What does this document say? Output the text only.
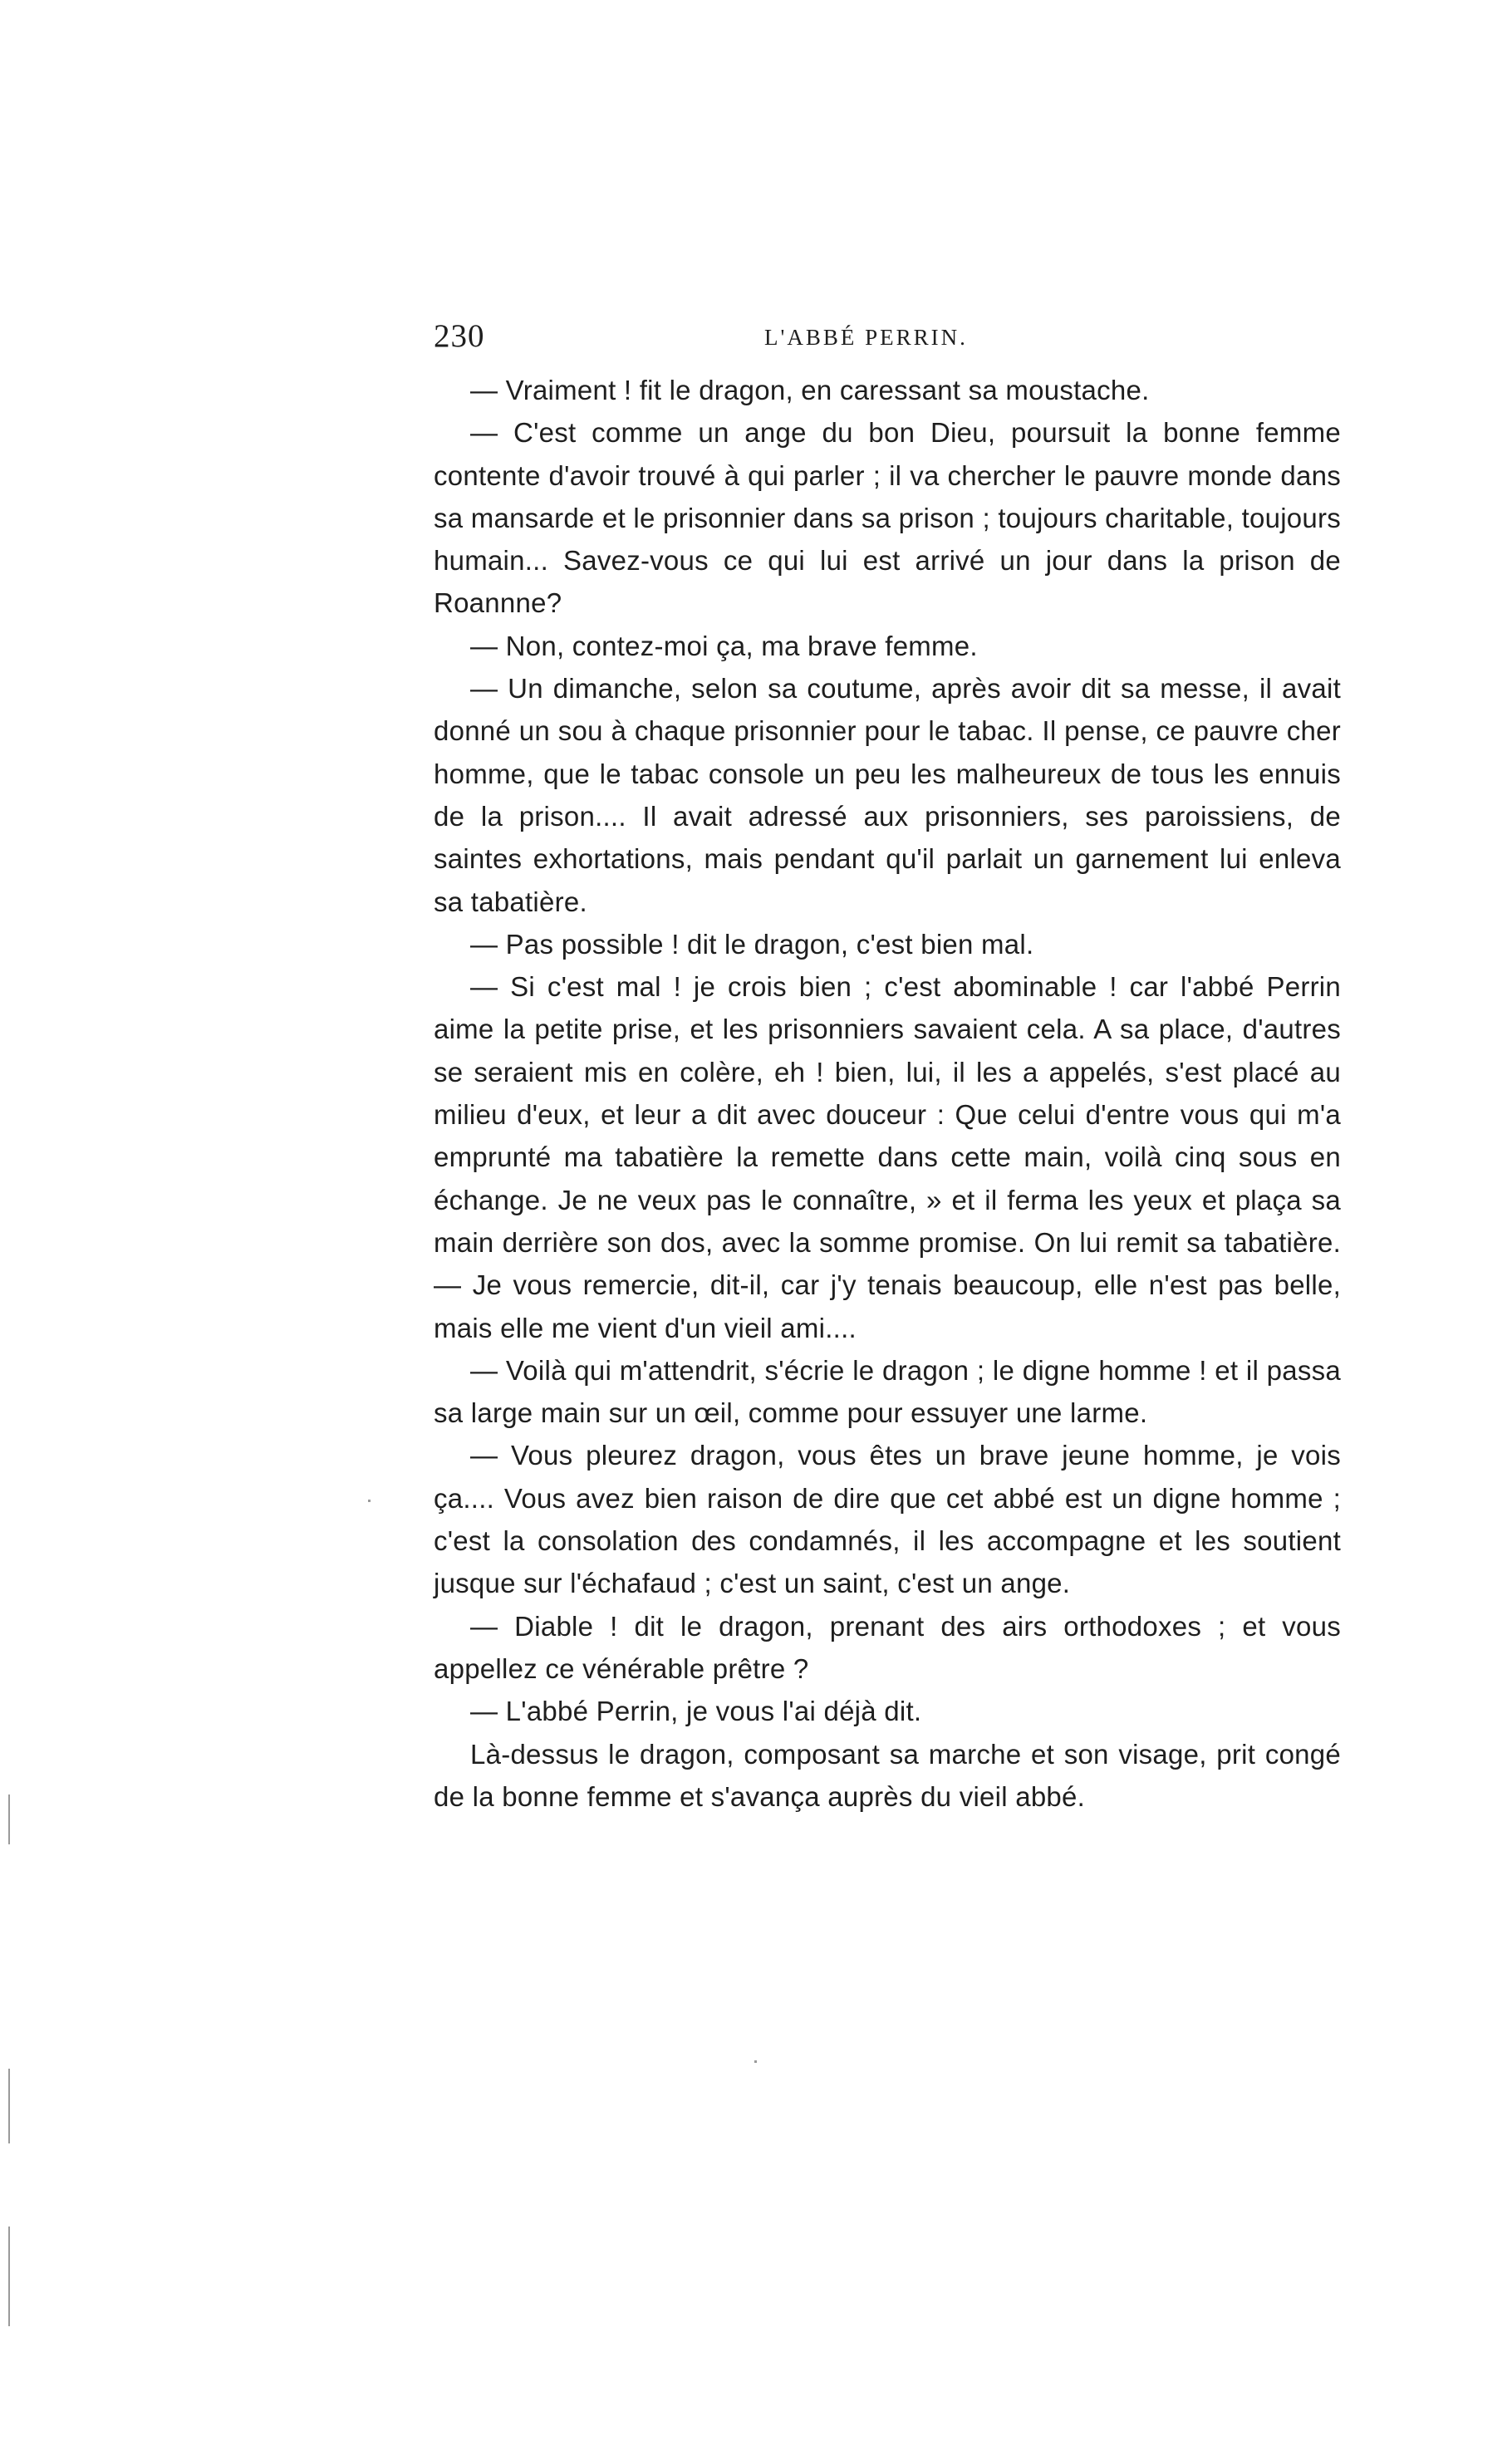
230	L'ABBÉ PERRIN.

— Vraiment ! fit le dragon, en caressant sa moustache.

— C'est comme un ange du bon Dieu, poursuit la bonne femme contente d'avoir trouvé à qui parler ; il va chercher le pauvre monde dans sa mansarde et le prisonnier dans sa prison ; toujours charitable, toujours humain... Savez-vous ce qui lui est arrivé un jour dans la prison de Roannne?

— Non, contez-moi ça, ma brave femme.

— Un dimanche, selon sa coutume, après avoir dit sa messe, il avait donné un sou à chaque prisonnier pour le tabac. Il pense, ce pauvre cher homme, que le tabac console un peu les malheureux de tous les ennuis de la prison.... Il avait adressé aux prisonniers, ses paroissiens, de saintes exhortations, mais pendant qu'il parlait un garnement lui enleva sa tabatière.

— Pas possible ! dit le dragon, c'est bien mal.

— Si c'est mal ! je crois bien ; c'est abominable ! car l'abbé Perrin aime la petite prise, et les prisonniers savaient cela. A sa place, d'autres se seraient mis en colère, eh ! bien, lui, il les a appelés, s'est placé au milieu d'eux, et leur a dit avec douceur : Que celui d'entre vous qui m'a emprunté ma tabatière la remette dans cette main, voilà cinq sous en échange. Je ne veux pas le connaître, » et il ferma les yeux et plaça sa main derrière son dos, avec la somme promise. On lui remit sa tabatière. — Je vous remercie, dit-il, car j'y tenais beaucoup, elle n'est pas belle, mais elle me vient d'un vieil ami....

— Voilà qui m'attendrit, s'écrie le dragon ; le digne homme ! et il passa sa large main sur un œil, comme pour essuyer une larme.

— Vous pleurez dragon, vous êtes un brave jeune homme, je vois ça.... Vous avez bien raison de dire que cet abbé est un digne homme ; c'est la consolation des condamnés, il les accompagne et les soutient jusque sur l'échafaud ; c'est un saint, c'est un ange.

— Diable ! dit le dragon, prenant des airs orthodoxes ; et vous appellez ce vénérable prêtre ?

— L'abbé Perrin, je vous l'ai déjà dit.

Là-dessus le dragon, composant sa marche et son visage, prit congé de la bonne femme et s'avança auprès du vieil abbé.
